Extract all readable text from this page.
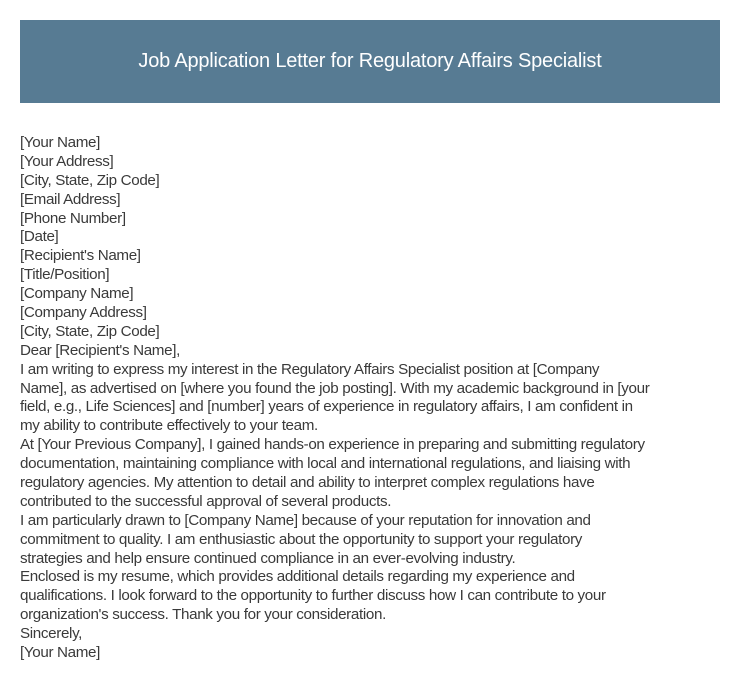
Job Application Letter for Regulatory Affairs Specialist
[Your Name]
[Your Address]
[City, State, Zip Code]
[Email Address]
[Phone Number]
[Date]
[Recipient's Name]
[Title/Position]
[Company Name]
[Company Address]
[City, State, Zip Code]
Dear [Recipient's Name],
I am writing to express my interest in the Regulatory Affairs Specialist position at [Company
Name], as advertised on [where you found the job posting]. With my academic background in [your
field, e.g., Life Sciences] and [number] years of experience in regulatory affairs, I am confident in
my ability to contribute effectively to your team.
At [Your Previous Company], I gained hands-on experience in preparing and submitting regulatory
documentation, maintaining compliance with local and international regulations, and liaising with
regulatory agencies. My attention to detail and ability to interpret complex regulations have
contributed to the successful approval of several products.
I am particularly drawn to [Company Name] because of your reputation for innovation and
commitment to quality. I am enthusiastic about the opportunity to support your regulatory
strategies and help ensure continued compliance in an ever-evolving industry.
Enclosed is my resume, which provides additional details regarding my experience and
qualifications. I look forward to the opportunity to further discuss how I can contribute to your
organization's success. Thank you for your consideration.
Sincerely,
[Your Name]
